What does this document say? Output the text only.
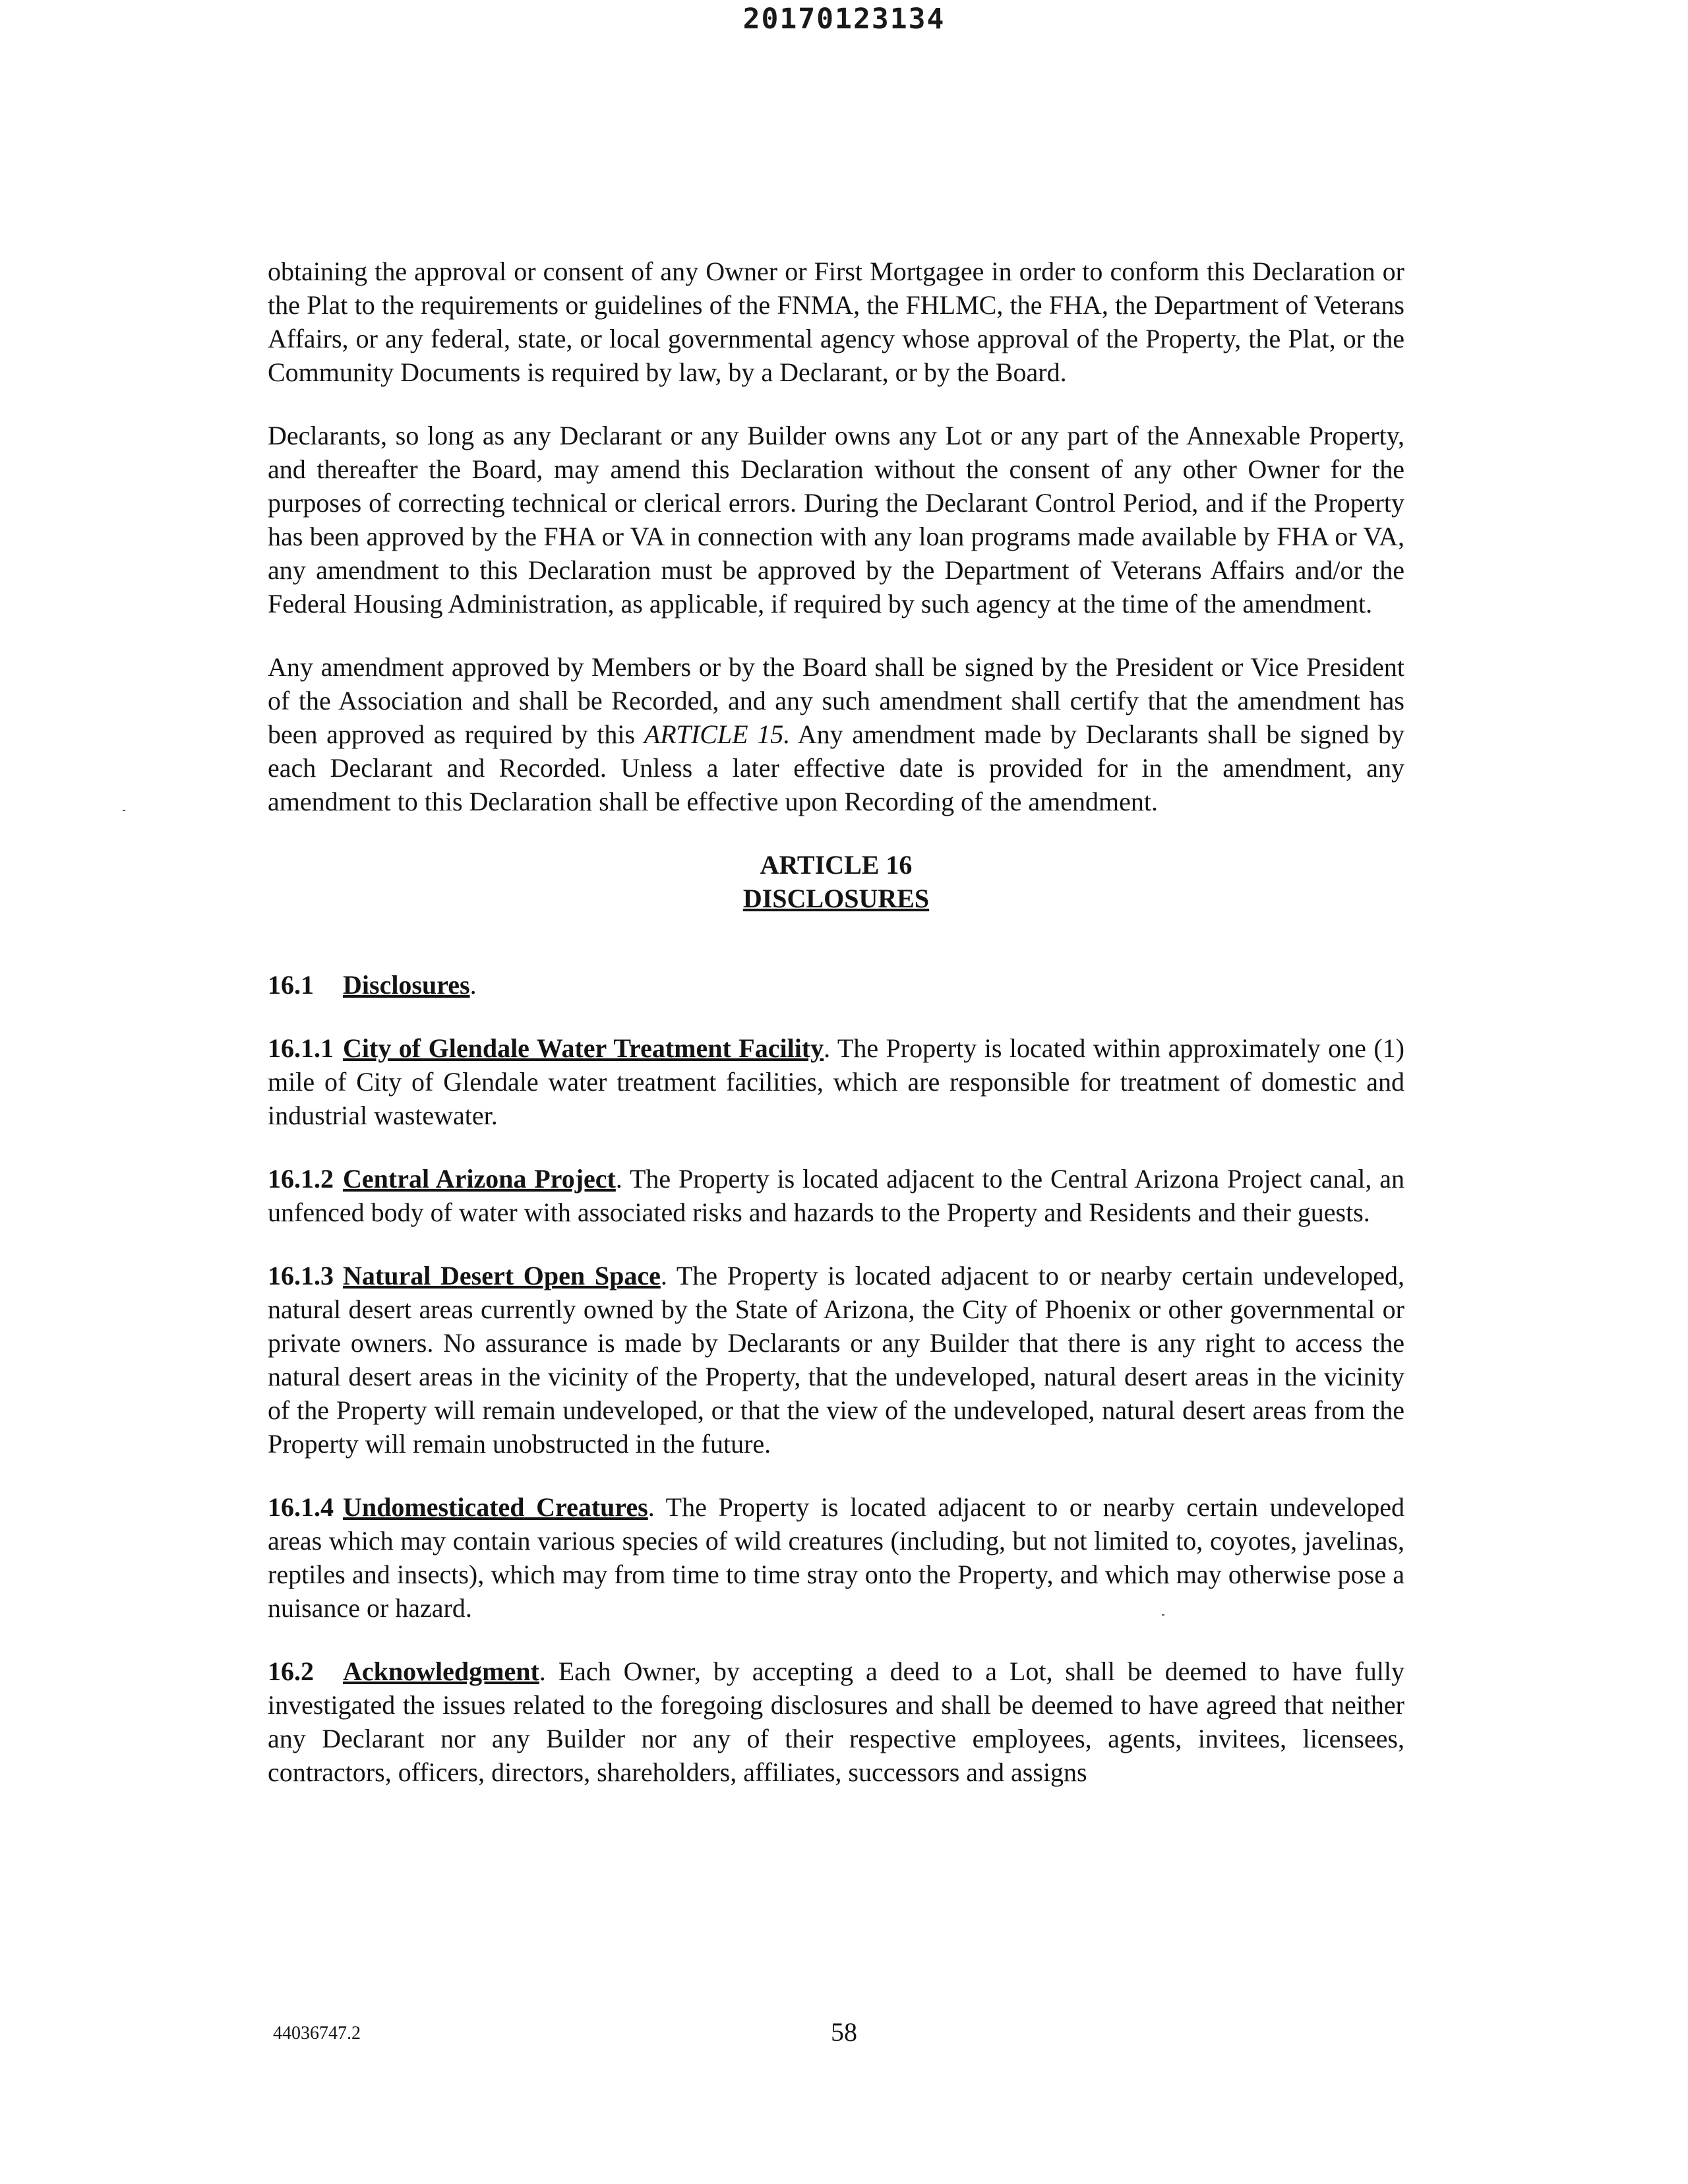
20170123134

obtaining the approval or consent of any Owner or First Mortgagee in order to conform this Declaration or the Plat to the requirements or guidelines of the FNMA, the FHLMC, the FHA, the Department of Veterans Affairs, or any federal, state, or local governmental agency whose approval of the Property, the Plat, or the Community Documents is required by law, by a Declarant, or by the Board.

Declarants, so long as any Declarant or any Builder owns any Lot or any part of the Annexable Property, and thereafter the Board, may amend this Declaration without the consent of any other Owner for the purposes of correcting technical or clerical errors. During the Declarant Control Period, and if the Property has been approved by the FHA or VA in connection with any loan programs made available by FHA or VA, any amendment to this Declaration must be approved by the Department of Veterans Affairs and/or the Federal Housing Administration, as applicable, if required by such agency at the time of the amendment.

Any amendment approved by Members or by the Board shall be signed by the President or Vice President of the Association and shall be Recorded, and any such amendment shall certify that the amendment has been approved as required by this ARTICLE 15. Any amendment made by Declarants shall be signed by each Declarant and Recorded. Unless a later effective date is provided for in the amendment, any amendment to this Declaration shall be effective upon Recording of the amendment.

ARTICLE 16
DISCLOSURES

16.1 Disclosures.

16.1.1 City of Glendale Water Treatment Facility. The Property is located within approximately one (1) mile of City of Glendale water treatment facilities, which are responsible for treatment of domestic and industrial wastewater.

16.1.2 Central Arizona Project. The Property is located adjacent to the Central Arizona Project canal, an unfenced body of water with associated risks and hazards to the Property and Residents and their guests.

16.1.3 Natural Desert Open Space. The Property is located adjacent to or nearby certain undeveloped, natural desert areas currently owned by the State of Arizona, the City of Phoenix or other governmental or private owners. No assurance is made by Declarants or any Builder that there is any right to access the natural desert areas in the vicinity of the Property, that the undeveloped, natural desert areas in the vicinity of the Property will remain undeveloped, or that the view of the undeveloped, natural desert areas from the Property will remain unobstructed in the future.

16.1.4 Undomesticated Creatures. The Property is located adjacent to or nearby certain undeveloped areas which may contain various species of wild creatures (including, but not limited to, coyotes, javelinas, reptiles and insects), which may from time to time stray onto the Property, and which may otherwise pose a nuisance or hazard.

16.2 Acknowledgment. Each Owner, by accepting a deed to a Lot, shall be deemed to have fully investigated the issues related to the foregoing disclosures and shall be deemed to have agreed that neither any Declarant nor any Builder nor any of their respective employees, agents, invitees, licensees, contractors, officers, directors, shareholders, affiliates, successors and assigns

44036747.2	58
